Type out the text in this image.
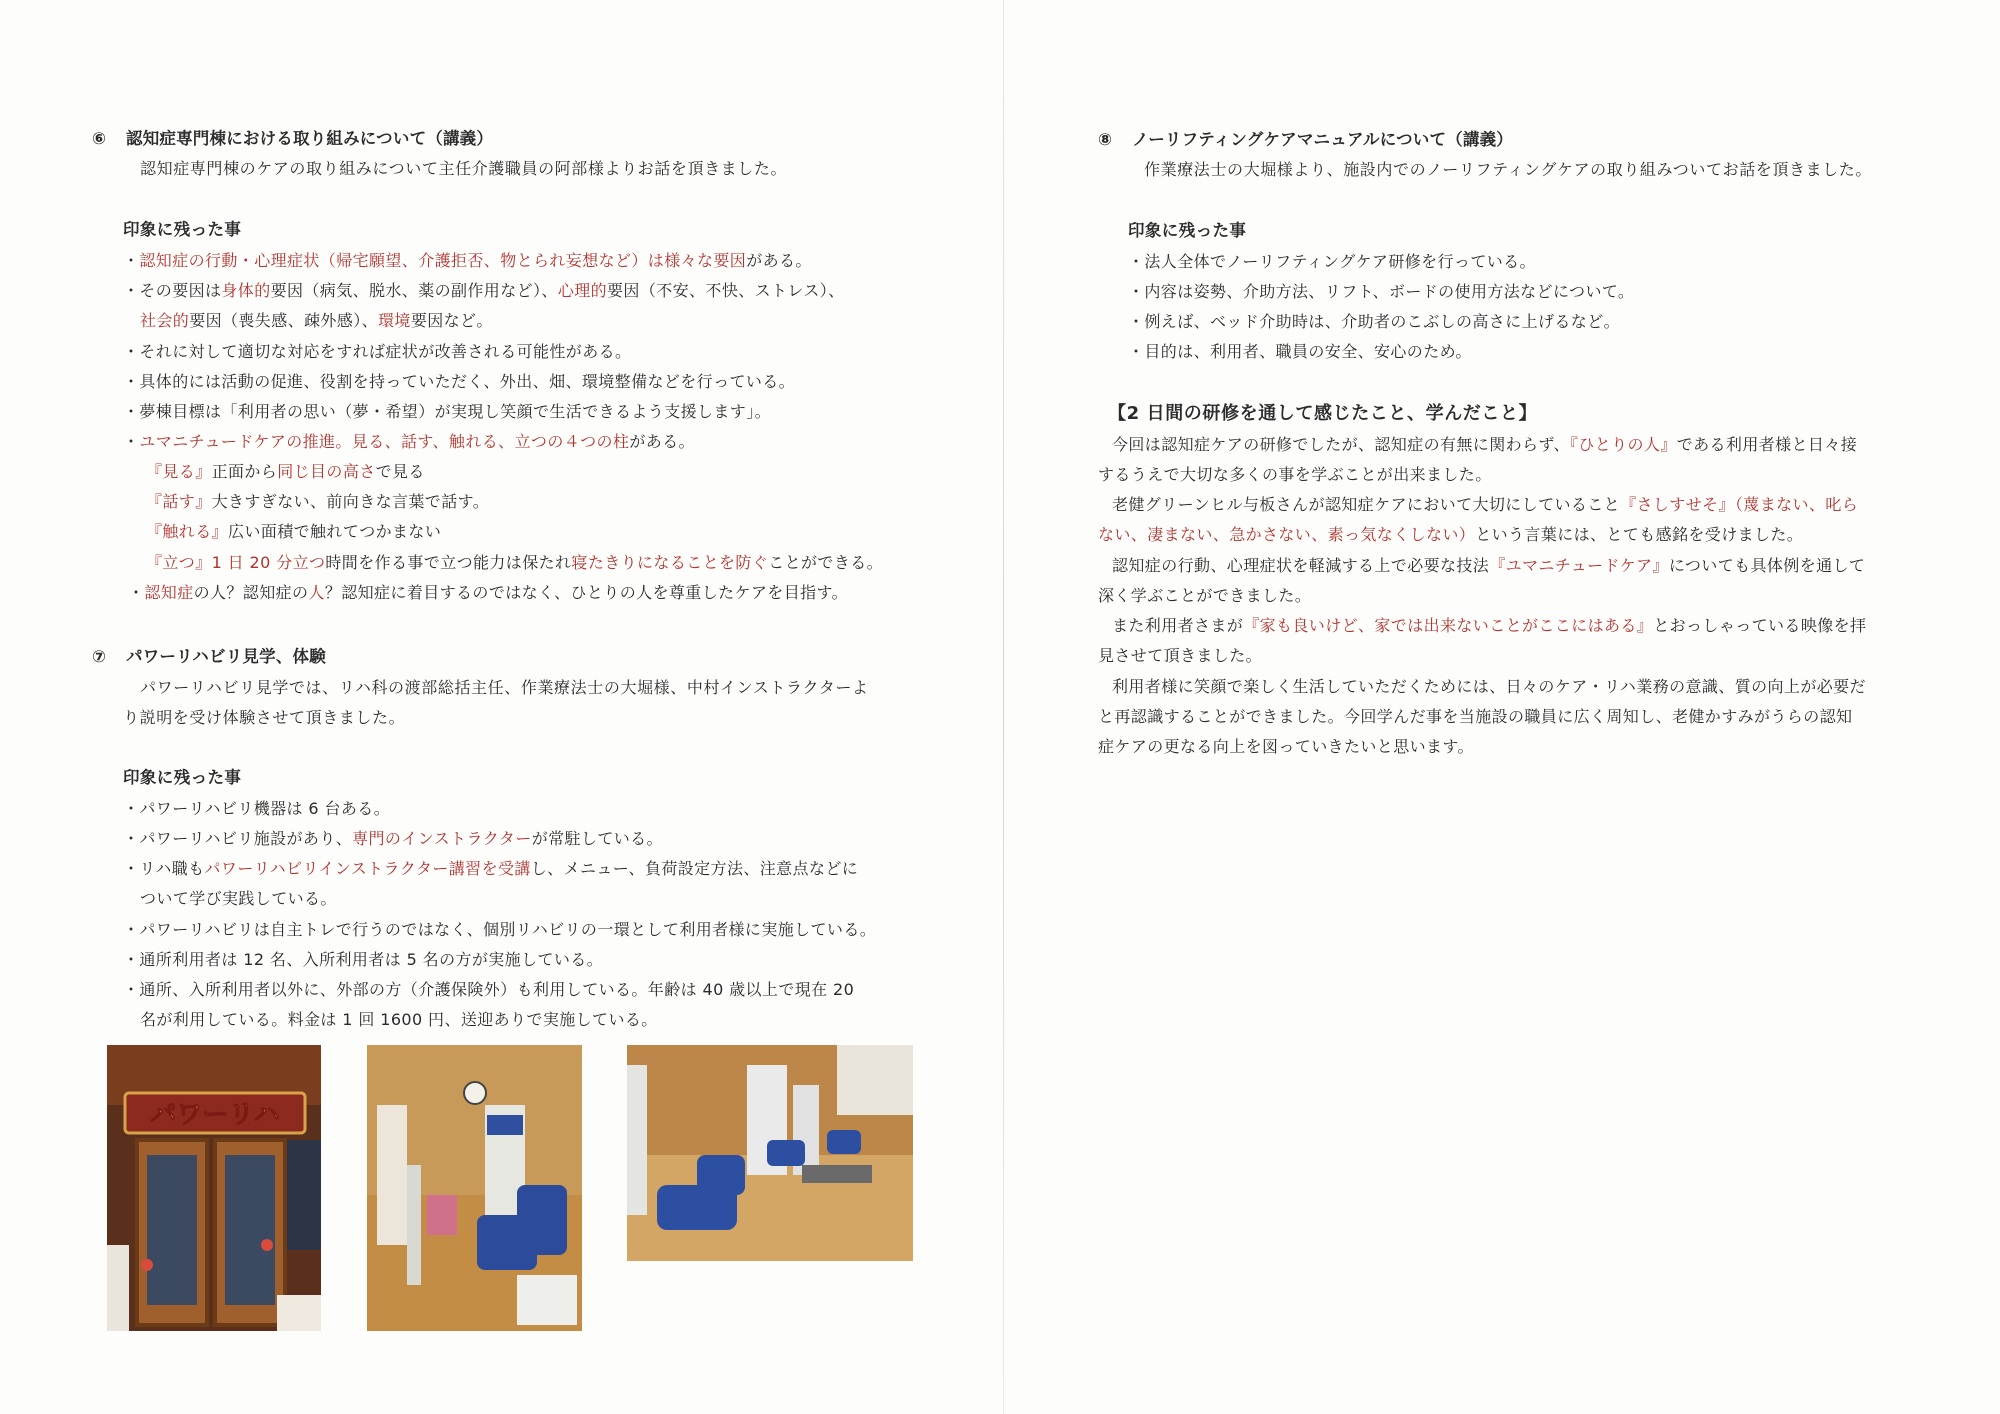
⑥ 認知症専門棟における取り組みについて（講義）
認知症専門棟のケアの取り組みについて主任介護職員の阿部様よりお話を頂きました。
印象に残った事
・認知症の行動・心理症状（帰宅願望、介護拒否、物とられ妄想など）は様々な要因がある。
・その要因は身体的要因（病気、脱水、薬の副作用など）、心理的要因（不安、不快、ストレス）、
社会的要因（喪失感、疎外感）、環境要因など。
・それに対して適切な対応をすれば症状が改善される可能性がある。
・具体的には活動の促進、役割を持っていただく、外出、畑、環境整備などを行っている。
・夢棟目標は「利用者の思い（夢・希望）が実現し笑顔で生活できるよう支援します」。
・ユマニチュードケアの推進。見る、話す、触れる、立つの４つの柱がある。
『見る』正面から同じ目の高さで見る
『話す』大きすぎない、前向きな言葉で話す。
『触れる』広い面積で触れてつかまない
『立つ』1 日 20 分立つ時間を作る事で立つ能力は保たれ寝たきりになることを防ぐことができる。
・認知症の人？認知症の人？認知症に着目するのではなく、ひとりの人を尊重したケアを目指す。
⑦ パワーリハビリ見学、体験
パワーリハビリ見学では、リハ科の渡部総括主任、作業療法士の大堀様、中村インストラクターよ
り説明を受け体験させて頂きました。
印象に残った事
・パワーリハビリ機器は 6 台ある。
・パワーリハビリ施設があり、専門のインストラクターが常駐している。
・リハ職もパワーリハビリインストラクター講習を受講し、メニュー、負荷設定方法、注意点などに
ついて学び実践している。
・パワーリハビリは自主トレで行うのではなく、個別リハビリの一環として利用者様に実施している。
・通所利用者は 12 名、入所利用者は 5 名の方が実施している。
・通所、入所利用者以外に、外部の方（介護保険外）も利用している。年齢は 40 歳以上で現在 20
名が利用している。料金は 1 回 1600 円、送迎ありで実施している。
パワーリハ
⑧ ノーリフティングケアマニュアルについて（講義）
作業療法士の大堀様より、施設内でのノーリフティングケアの取り組みついてお話を頂きました。
印象に残った事
・法人全体でノーリフティングケア研修を行っている。
・内容は姿勢、介助方法、リフト、ボードの使用方法などについて。
・例えば、ベッド介助時は、介助者のこぶしの高さに上げるなど。
・目的は、利用者、職員の安全、安心のため。
【2 日間の研修を通して感じたこと、学んだこと】
今回は認知症ケアの研修でしたが、認知症の有無に関わらず、『ひとりの人』である利用者様と日々接
するうえで大切な多くの事を学ぶことが出来ました。
老健グリーンヒル与板さんが認知症ケアにおいて大切にしていること『さしすせそ』（蔑まない、叱ら
ない、凄まない、急かさない、素っ気なくしない）という言葉には、とても感銘を受けました。
認知症の行動、心理症状を軽減する上で必要な技法『ユマニチュードケア』についても具体例を通して
深く学ぶことができました。
また利用者さまが『家も良いけど、家では出来ないことがここにはある』とおっしゃっている映像を拝
見させて頂きました。
利用者様に笑顔で楽しく生活していただくためには、日々のケア・リハ業務の意識、質の向上が必要だ
と再認識することができました。今回学んだ事を当施設の職員に広く周知し、老健かすみがうらの認知
症ケアの更なる向上を図っていきたいと思います。
